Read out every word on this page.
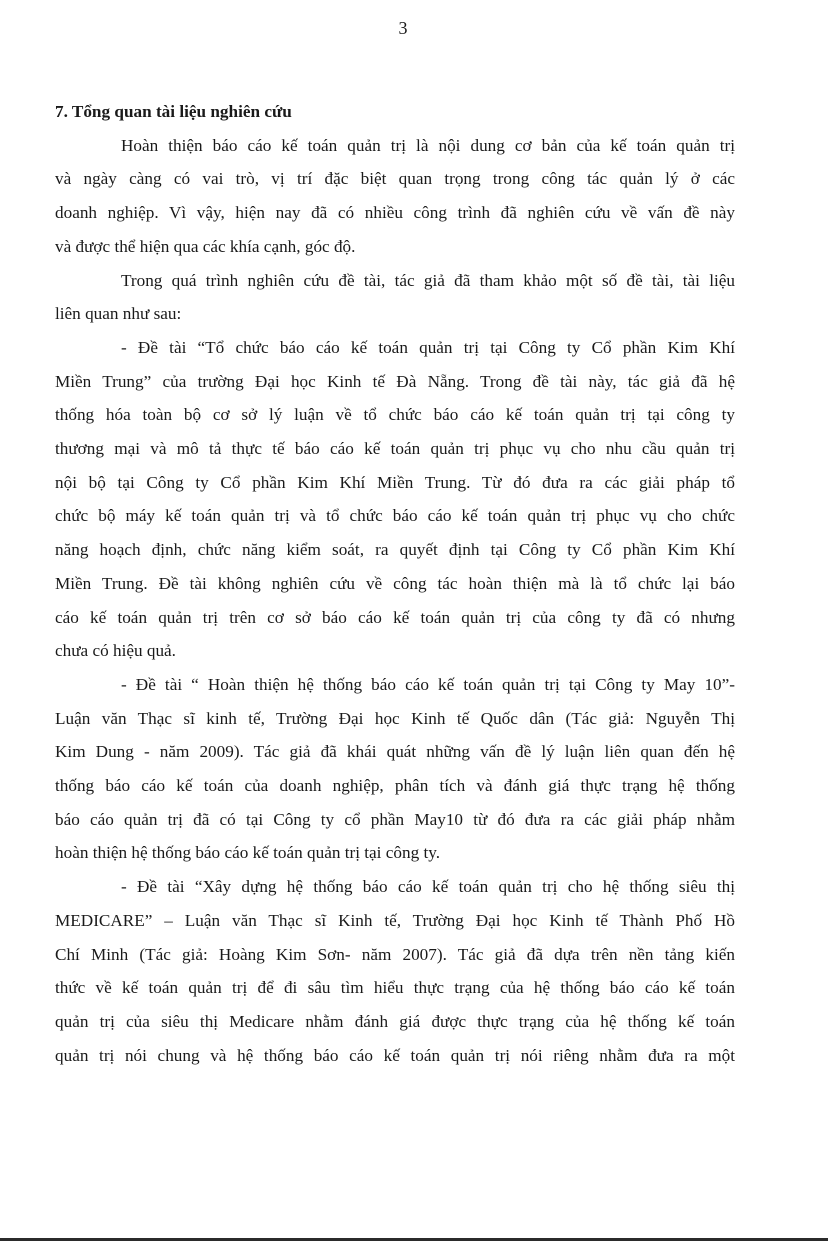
3
7. Tổng quan tài liệu nghiên cứu
Hoàn thiện báo cáo kế toán quản trị là nội dung cơ bản của kế toán quản trị
và ngày càng có vai trò, vị trí đặc biệt quan trọng trong công tác quản lý ở các
doanh nghiệp. Vì vậy, hiện nay đã có nhiều công trình đã nghiên cứu về vấn đề này
và được thể hiện qua các khía cạnh, góc độ.
Trong quá trình nghiên cứu đề tài, tác giả đã tham khảo một số đề tài, tài liệu
liên quan như sau:
- Đề tài “Tổ chức báo cáo kế toán quản trị tại Công ty Cổ phần Kim Khí
Miền Trung” của trường Đại học Kinh tế Đà Nẵng. Trong đề tài này, tác giả đã hệ
thống hóa toàn bộ cơ sở lý luận về tổ chức báo cáo kế toán quản trị tại công ty
thương mại và mô tả thực tế báo cáo kế toán quản trị phục vụ cho nhu cầu quản trị
nội bộ tại Công ty Cổ phần Kim Khí Miền Trung. Từ đó đưa ra các giải pháp tổ
chức bộ máy kế toán quản trị và tổ chức báo cáo kế toán quản trị phục vụ cho chức
năng hoạch định, chức năng kiểm soát, ra quyết định tại Công ty Cổ phần Kim Khí
Miền Trung. Đề tài không nghiên cứu về công tác hoàn thiện mà là tổ chức lại báo
cáo kế toán quản trị trên cơ sở báo cáo kế toán quản trị của công ty đã có nhưng
chưa có hiệu quả.
- Đề tài “ Hoàn thiện hệ thống báo cáo kế toán quản trị tại Công ty May 10”-
Luận văn Thạc sĩ kinh tế, Trường Đại học Kinh tế Quốc dân (Tác giả: Nguyễn Thị
Kim Dung - năm 2009). Tác giả đã khái quát những vấn đề lý luận liên quan đến hệ
thống báo cáo kế toán của doanh nghiệp, phân tích và đánh giá thực trạng hệ thống
báo cáo quản trị đã có tại Công ty cổ phần May10 từ đó đưa ra các giải pháp nhằm
hoàn thiện hệ thống báo cáo kế toán quản trị tại công ty.
- Đề tài “Xây dựng hệ thống báo cáo kế toán quản trị cho hệ thống siêu thị
MEDICARE” – Luận văn Thạc sĩ Kinh tế, Trường Đại học Kinh tế Thành Phố Hồ
Chí Minh (Tác giả: Hoàng Kim Sơn- năm 2007). Tác giả đã dựa trên nền tảng kiến
thức về kế toán quản trị để đi sâu tìm hiểu thực trạng của hệ thống báo cáo kế toán
quản trị của siêu thị Medicare nhằm đánh giá được thực trạng của hệ thống kế toán
quản trị nói chung và hệ thống báo cáo kế toán quản trị nói riêng nhằm đưa ra một
